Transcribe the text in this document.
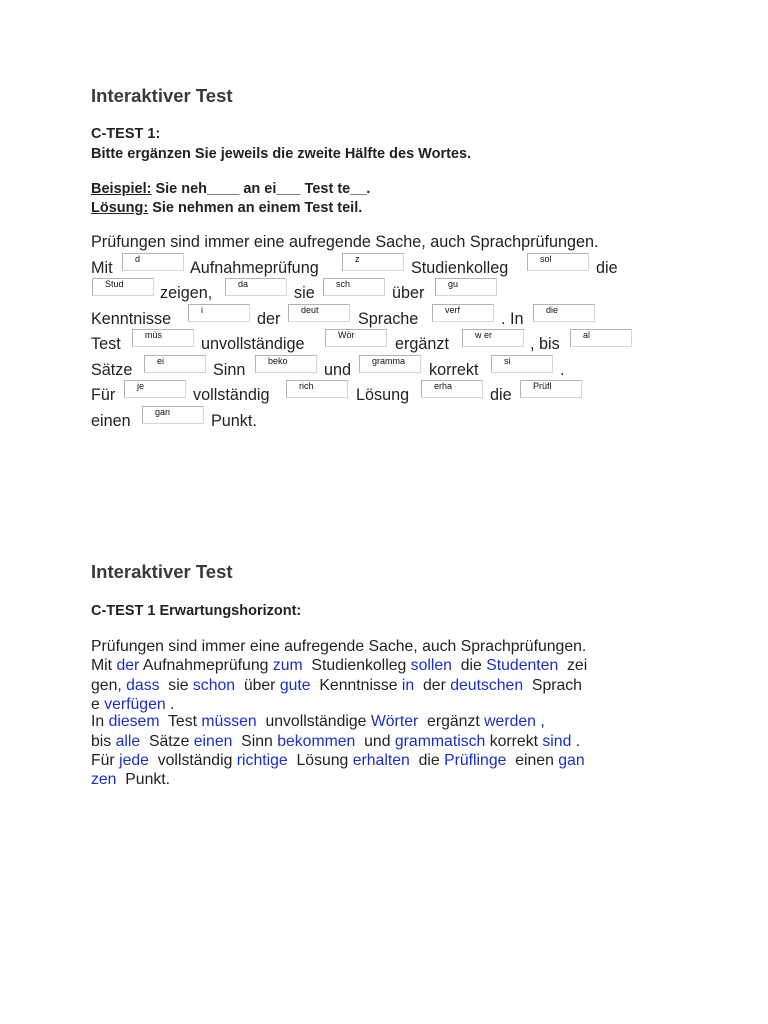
Interaktiver Test
C-TEST 1:
Bitte ergänzen Sie jeweils die zweite Hälfte des Wortes.
Beispiel: Sie neh____ an ei___ Test te__.
Lösung: Sie nehmen an einem Test teil.
Prüfungen sind immer eine aufregende Sache, auch Sprachprüfungen.
Mit	d	Aufnahmeprüfung	z	Studienkolleg	sol	die
Stud	zeigen,	da	sie	sch	über	gu
Kenntnisse	i	der	deut	Sprache	verf	. In	die
Test	müs	unvollständige	Wör	ergänzt	w er	, bis	al
Sätze	ei	Sinn	beko	und	gramma	korrekt	si	.
Für	je	vollständig	rich	Lösung	erha	die	Prüfl
einen	gan	Punkt.
Interaktiver Test
C-TEST 1 Erwartungshorizont:
Prüfungen sind immer eine aufregende Sache, auch Sprachprüfungen.
Mit der Aufnahmeprüfung zum  Studienkolleg sollen  die Studenten  zei
gen, dass  sie schon  über gute  Kenntnisse in  der deutschen  Sprach
e verfügen .
In diesem  Test müssen  unvollständige Wörter  ergänzt werden ,
bis alle  Sätze einen  Sinn bekommen  und grammatisch korrekt sind .
Für jede  vollständig richtige  Lösung erhalten  die Prüflinge  einen gan
zen  Punkt.
